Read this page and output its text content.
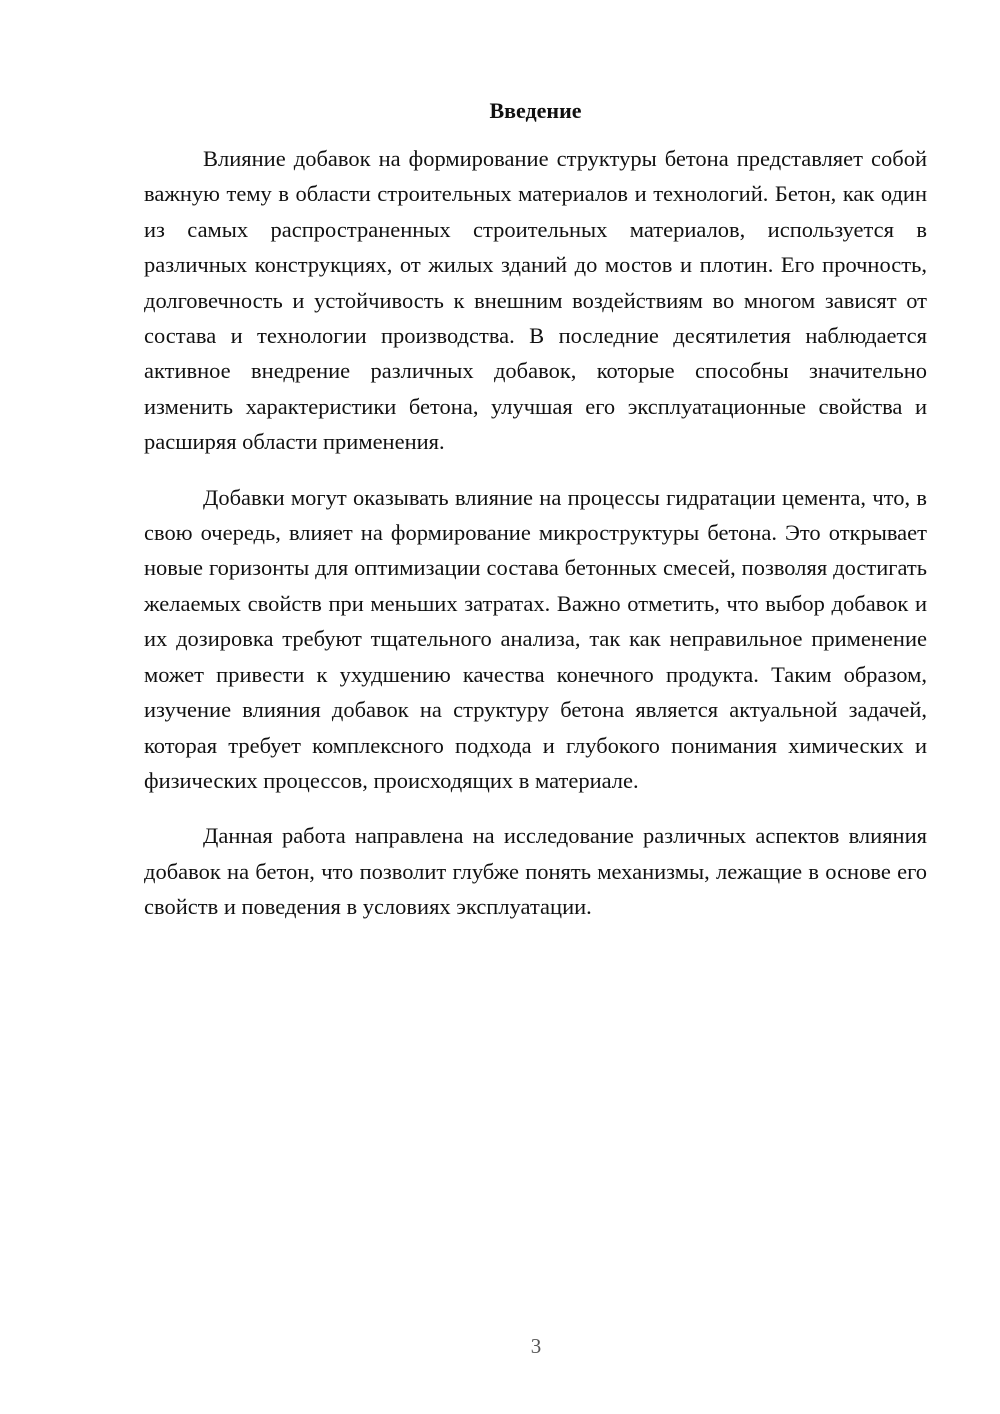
Введение

Влияние добавок на формирование структуры бетона представляет собой важную тему в области строительных материалов и технологий. Бетон, как один из самых распространенных строительных материалов, используется в различных конструкциях, от жилых зданий до мостов и плотин. Его прочность, долговечность и устойчивость к внешним воздействиям во многом зависят от состава и технологии производства. В последние десятилетия наблюдается активное внедрение различных добавок, которые способны значительно изменить характеристики бетона, улучшая его эксплуатационные свойства и расширяя области применения.

Добавки могут оказывать влияние на процессы гидратации цемента, что, в свою очередь, влияет на формирование микроструктуры бетона. Это открывает новые горизонты для оптимизации состава бетонных смесей, позволяя достигать желаемых свойств при меньших затратах. Важно отметить, что выбор добавок и их дозировка требуют тщательного анализа, так как неправильное применение может привести к ухудшению качества конечного продукта. Таким образом, изучение влияния добавок на структуру бетона является актуальной задачей, которая требует комплексного подхода и глубокого понимания химических и физических процессов, происходящих в материале.

Данная работа направлена на исследование различных аспектов влияния добавок на бетон, что позволит глубже понять механизмы, лежащие в основе его свойств и поведения в условиях эксплуатации.

3
